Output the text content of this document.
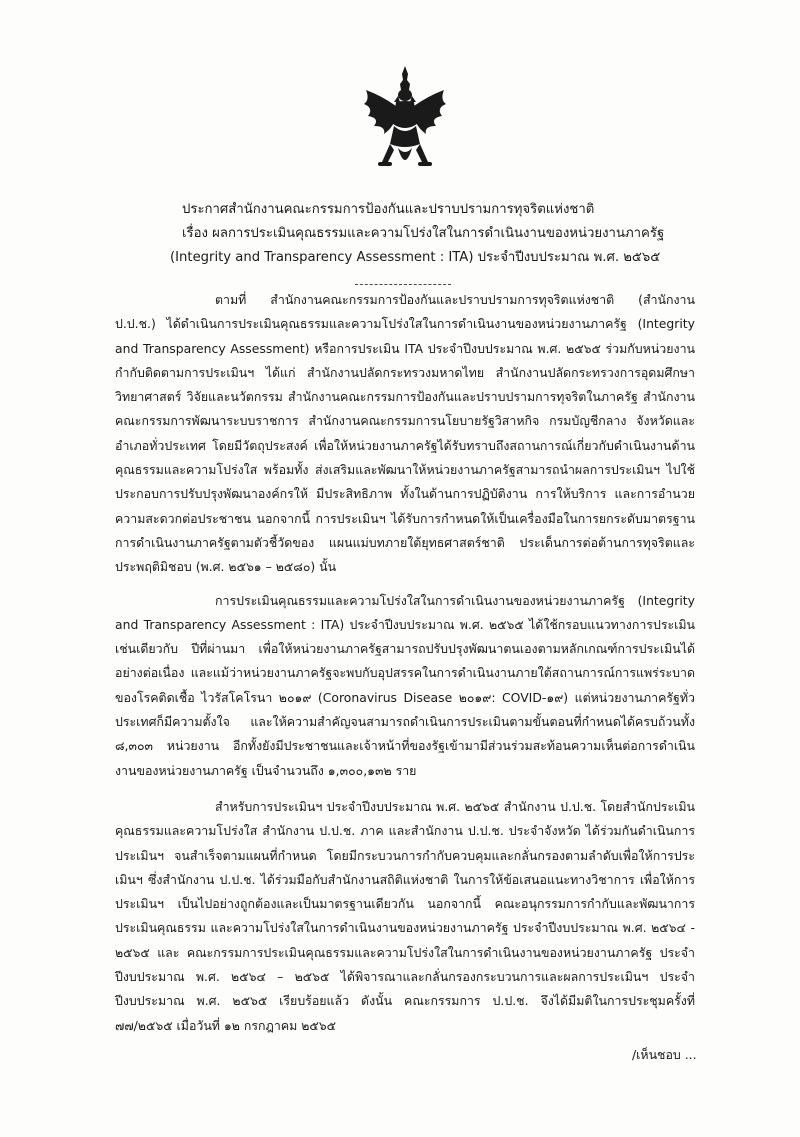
ประกาศสำนักงานคณะกรรมการป้องกันและปราบปรามการทุจริตแห่งชาติ
เรื่อง ผลการประเมินคุณธรรมและความโปร่งใสในการดำเนินงานของหน่วยงานภาครัฐ
(Integrity and Transparency Assessment : ITA) ประจำปีงบประมาณ พ.ศ. ๒๕๖๕

ตามที่ สำนักงานคณะกรรมการป้องกันและปราบปรามการทุจริตแห่งชาติ (สำนักงาน ป.ป.ช.) ได้ดำเนินการประเมินคุณธรรมและความโปร่งใสในการดำเนินงานของหน่วยงานภาครัฐ (Integrity and Transparency Assessment) หรือการประเมิน ITA ประจำปีงบประมาณ พ.ศ. ๒๕๖๕ ร่วมกับหน่วยงานกำกับติดตามการประเมินฯ ได้แก่ สำนักงานปลัดกระทรวงมหาดไทย สำนักงานปลัดกระทรวงการอุดมศึกษา วิทยาศาสตร์ วิจัยและนวัตกรรม สำนักงานคณะกรรมการป้องกันและปราบปรามการทุจริตในภาครัฐ สำนักงานคณะกรรมการพัฒนาระบบราชการ สำนักงานคณะกรรมการนโยบายรัฐวิสาหกิจ กรมบัญชีกลาง จังหวัดและอำเภอทั่วประเทศ โดยมีวัตถุประสงค์ เพื่อให้หน่วยงานภาครัฐได้รับทราบถึงสถานการณ์เกี่ยวกับดำเนินงานด้านคุณธรรมและความโปร่งใส พร้อมทั้ง ส่งเสริมและพัฒนาให้หน่วยงานภาครัฐสามารถนำผลการประเมินฯ ไปใช้ประกอบการปรับปรุงพัฒนาองค์กรให้ มีประสิทธิภาพ ทั้งในด้านการปฏิบัติงาน การให้บริการ และการอำนวยความสะดวกต่อประชาชน นอกจากนี้ การประเมินฯ ได้รับการกำหนดให้เป็นเครื่องมือในการยกระดับมาตรฐานการดำเนินงานภาครัฐตามตัวชี้วัดของ แผนแม่บทภายใต้ยุทธศาสตร์ชาติ ประเด็นการต่อต้านการทุจริตและประพฤติมิชอบ (พ.ศ. ๒๕๖๑ – ๒๕๘๐) นั้น

การประเมินคุณธรรมและความโปร่งใสในการดำเนินงานของหน่วยงานภาครัฐ (Integrity and Transparency Assessment : ITA) ประจำปีงบประมาณ พ.ศ. ๒๕๖๕ ได้ใช้กรอบแนวทางการประเมินเช่นเดียวกับ ปีที่ผ่านมา เพื่อให้หน่วยงานภาครัฐสามารถปรับปรุงพัฒนาตนเองตามหลักเกณฑ์การประเมินได้อย่างต่อเนื่อง และแม้ว่าหน่วยงานภาครัฐจะพบกับอุปสรรคในการดำเนินงานภายใต้สถานการณ์การแพร่ระบาดของโรคติดเชื้อ ไวรัสโคโรนา ๒๐๑๙ (Coronavirus Disease ๒๐๑๙: COVID-๑๙) แต่หน่วยงานภาครัฐทั่วประเทศก็มีความตั้งใจ และให้ความสำคัญจนสามารถดำเนินการประเมินตามขั้นตอนที่กำหนดได้ครบถ้วนทั้ง ๘,๓๐๓ หน่วยงาน อีกทั้งยังมีประชาชนและเจ้าหน้าที่ของรัฐเข้ามามีส่วนร่วมสะท้อนความเห็นต่อการดำเนินงานของหน่วยงานภาครัฐ เป็นจำนวนถึง ๑,๓๐๐,๑๓๒ ราย

สำหรับการประเมินฯ ประจำปีงบประมาณ พ.ศ. ๒๕๖๕ สำนักงาน ป.ป.ช. โดยสำนักประเมิน คุณธรรมและความโปร่งใส สำนักงาน ป.ป.ช. ภาค และสำนักงาน ป.ป.ช. ประจำจังหวัด ได้ร่วมกันดำเนินการประเมินฯ จนสำเร็จตามแผนที่กำหนด โดยมีกระบวนการกำกับควบคุมและกลั่นกรองตามลำดับเพื่อให้การประเมินฯ ซึ่งสำนักงาน ป.ป.ช. ได้ร่วมมือกับสำนักงานสถิติแห่งชาติ ในการให้ข้อเสนอแนะทางวิชาการ เพื่อให้การประเมินฯ เป็นไปอย่างถูกต้องและเป็นมาตรฐานเดียวกัน นอกจากนี้ คณะอนุกรรมการกำกับและพัฒนาการประเมินคุณธรรม และความโปร่งใสในการดำเนินงานของหน่วยงานภาครัฐ ประจำปีงบประมาณ พ.ศ. ๒๕๖๔ - ๒๕๖๕ และ คณะกรรมการประเมินคุณธรรมและความโปร่งใสในการดำเนินงานของหน่วยงานภาครัฐ ประจำปีงบประมาณ พ.ศ. ๒๕๖๔ – ๒๕๖๕ ได้พิจารณาและกลั่นกรองกระบวนการและผลการประเมินฯ ประจำปีงบประมาณ พ.ศ. ๒๕๖๕ เรียบร้อยแล้ว ดังนั้น คณะกรรมการ ป.ป.ช. จึงได้มีมติในการประชุมครั้งที่ ๗๗/๒๕๖๕ เมื่อวันที่ ๑๒ กรกฎาคม ๒๕๖๕

/เห็นชอบ ...
